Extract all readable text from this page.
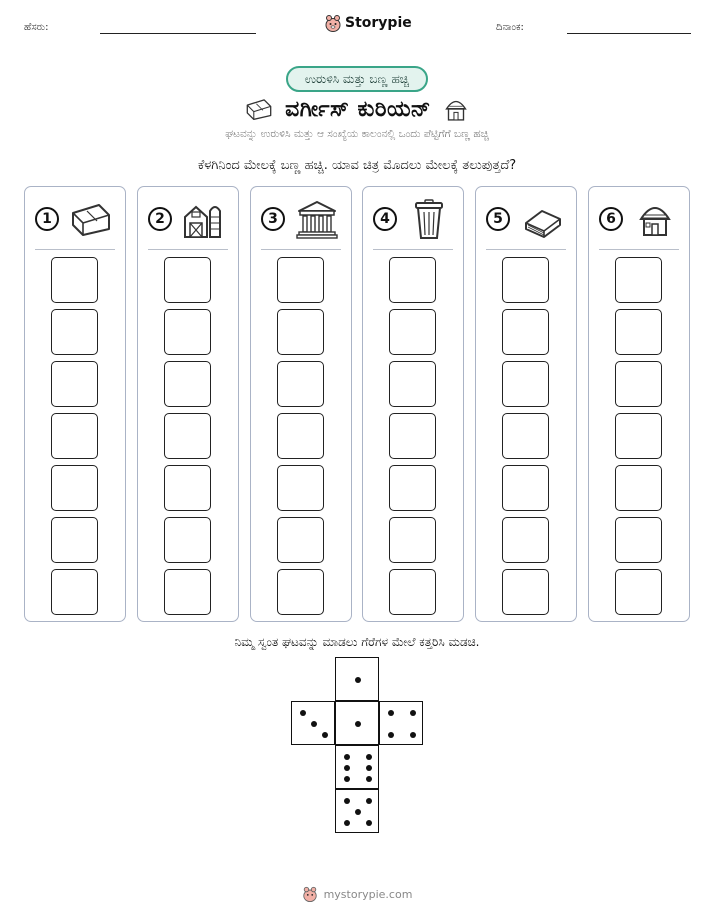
ಹೆಸರು:	Storypie	ದಿನಾಂಕ:
ಉರುಳಿಸಿ ಮತ್ತು ಬಣ್ಣ ಹಚ್ಚಿ
ವರ್ಗೀಸ್ ಕುರಿಯನ್
ಘಟವನ್ನು ಉರುಳಿಸಿ ಮತ್ತು ಆ ಸಂಖ್ಯೆಯ ಕಾಲಂನಲ್ಲಿ ಒಂದು ಪೆಟ್ಟಿಗೆಗೆ ಬಣ್ಣ ಹಚ್ಚಿ
ಕೆಳಗಿನಿಂದ ಮೇಲಕ್ಕೆ ಬಣ್ಣ ಹಚ್ಚಿ. ಯಾವ ಚಿತ್ರ ಮೊದಲು ಮೇಲಕ್ಕೆ ತಲುಪುತ್ತದೆ?
1	2	3	4	5	6
ನಿಮ್ಮ ಸ್ವಂತ ಘಟವನ್ನು ಮಾಡಲು ಗೆರೆಗಳ ಮೇಲೆ ಕತ್ತರಿಸಿ ಮಡಚಿ.
mystorypie.com
